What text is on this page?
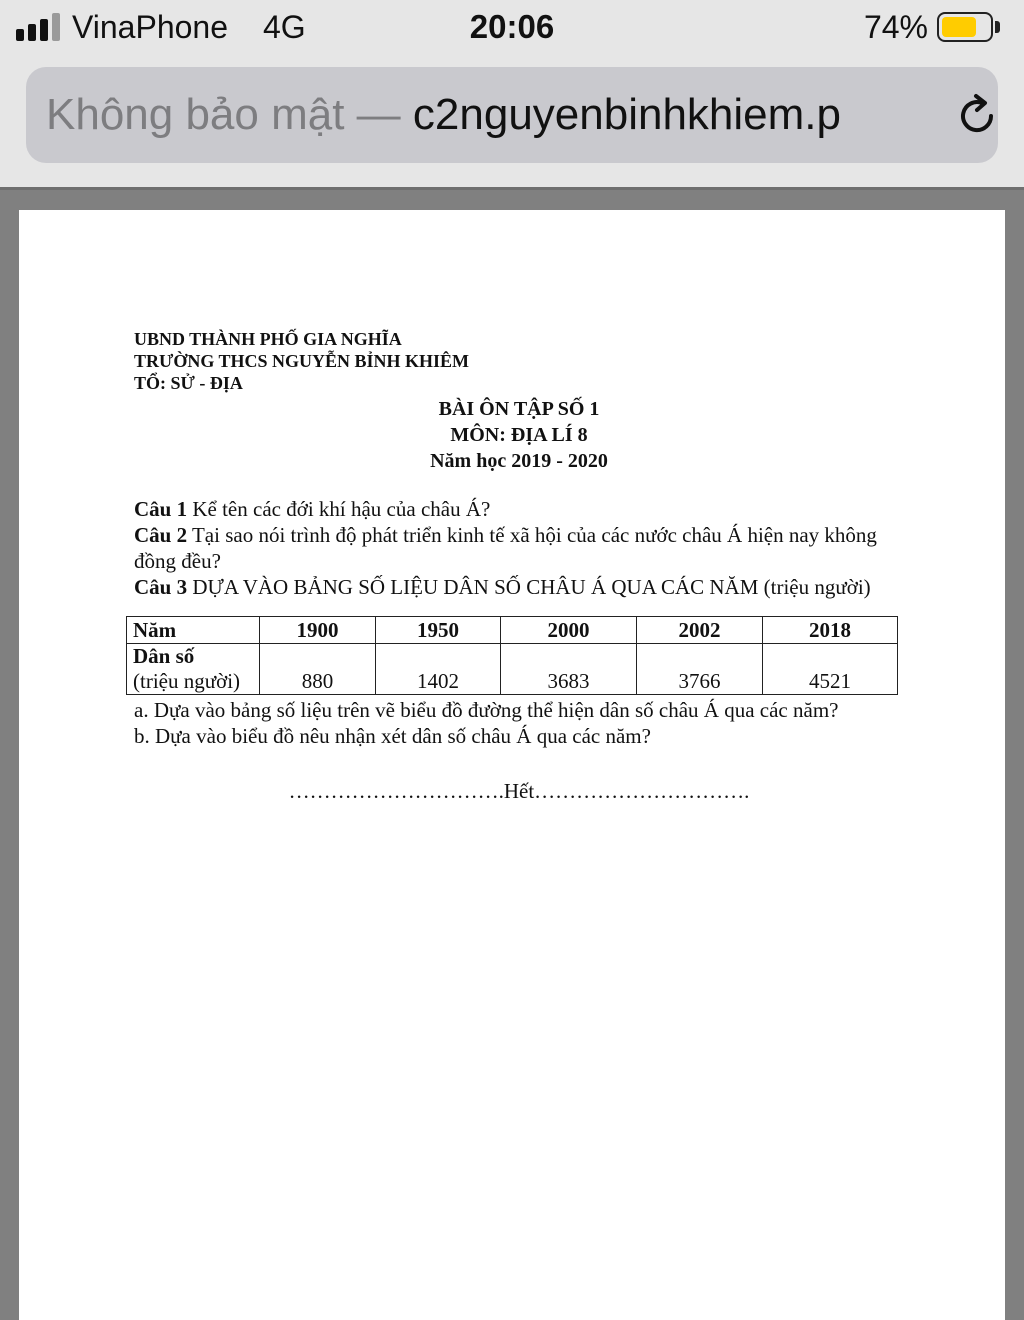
VinaPhone 4G	20:06	74%
Không bảo mật — c2nguyenbinhkhiem.p

UBND THÀNH PHỐ GIA NGHĨA

TRƯỜNG THCS NGUYỄN BỈNH KHIÊM

TỔ: SỬ - ĐỊA

BÀI ÔN TẬP SỐ 1
MÔN: ĐỊA LÍ 8
Năm học 2019 - 2020

Câu 1 Kể tên các đới khí hậu của châu Á?

Câu 2 Tại sao nói trình độ phát triển kinh tế xã hội của các nước châu Á hiện nay không đồng đều?

Câu 3 DỰA VÀO BẢNG SỐ LIỆU DÂN SỐ CHÂU Á QUA CÁC NĂM (triệu người)

Năm	1900	1950	2000	2002	2018

Dân số
(triệu người)	880	1402	3683	3766	4521

a. Dựa vào bảng số liệu trên vẽ biểu đồ đường thể hiện dân số châu Á qua các năm?

b. Dựa vào biểu đồ nêu nhận xét dân số châu Á qua các năm?

………………………….Hết………………………….
